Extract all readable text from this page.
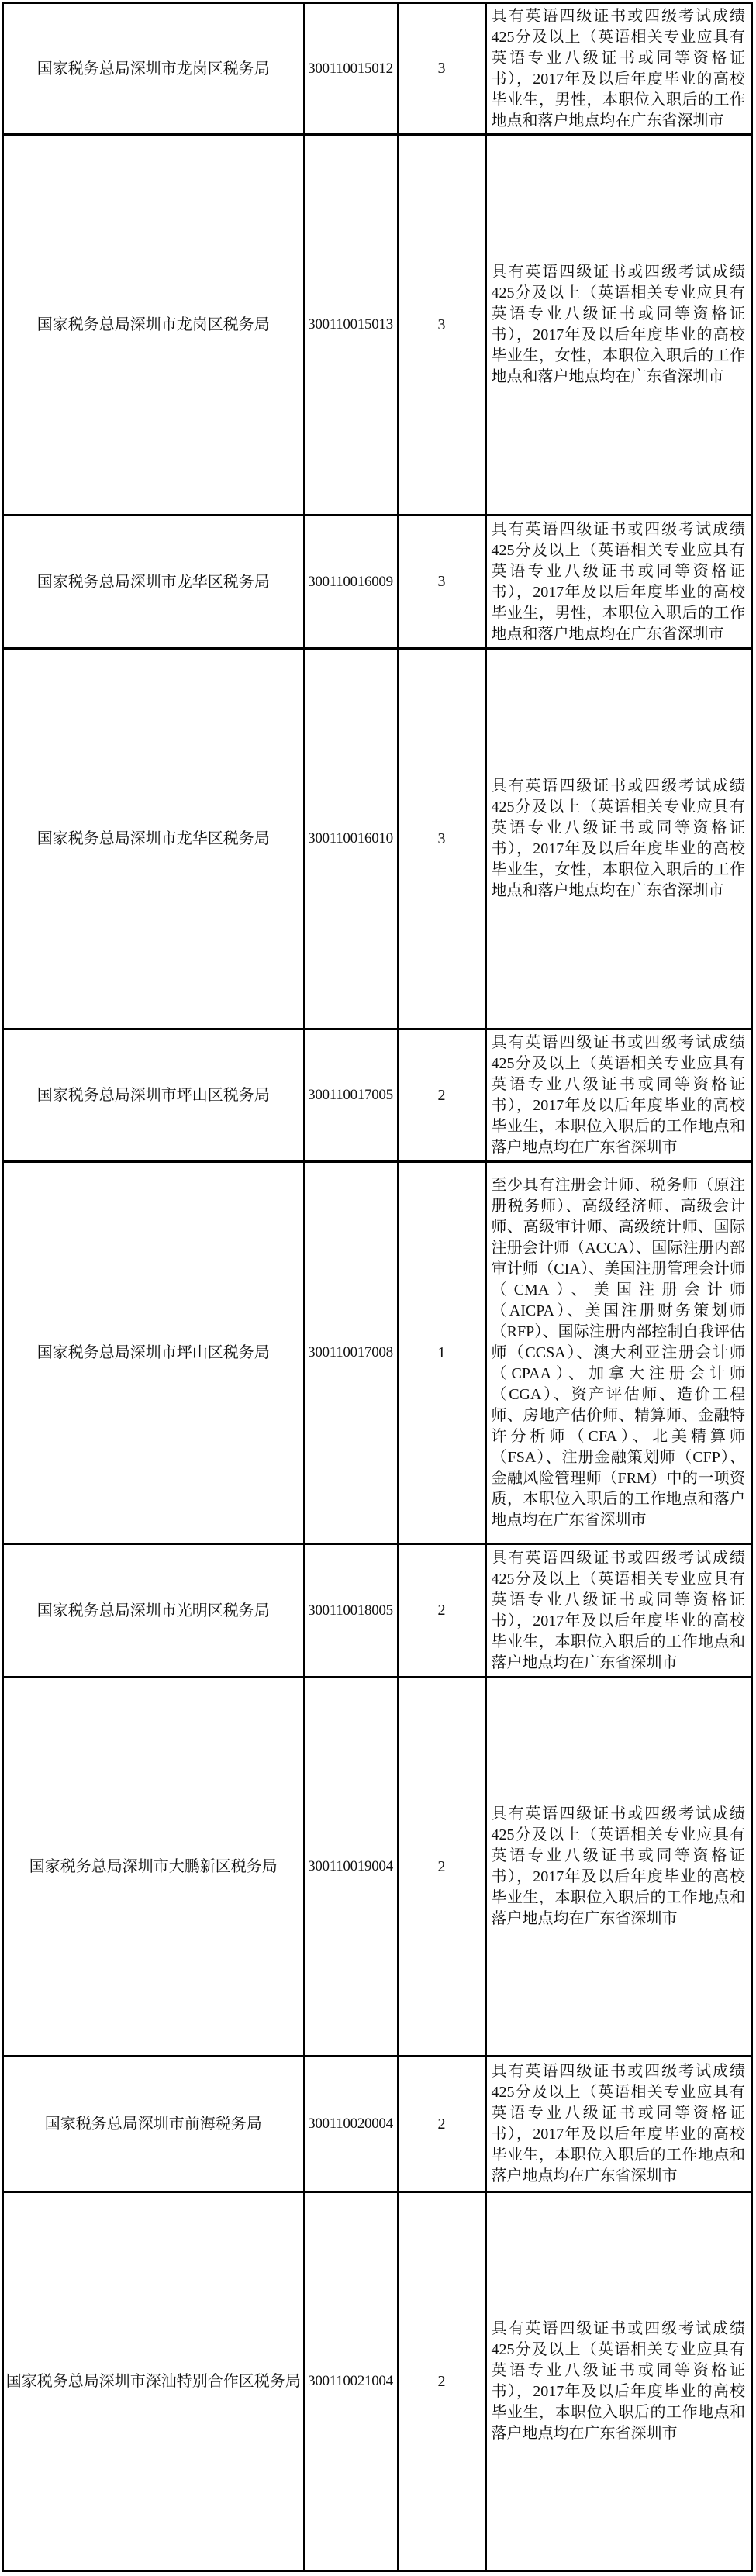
国家税务总局深圳市龙岗区税务局	300110015012	3	具有英语四级证书或四级考试成绩425分及以上（英语相关专业应具有英语专业八级证书或同等资格证书），2017年及以后年度毕业的高校毕业生，男性，本职位入职后的工作地点和落户地点均在广东省深圳市
国家税务总局深圳市龙岗区税务局	300110015013	3	具有英语四级证书或四级考试成绩425分及以上（英语相关专业应具有英语专业八级证书或同等资格证书），2017年及以后年度毕业的高校毕业生，女性，本职位入职后的工作地点和落户地点均在广东省深圳市
国家税务总局深圳市龙华区税务局	300110016009	3	具有英语四级证书或四级考试成绩425分及以上（英语相关专业应具有英语专业八级证书或同等资格证书），2017年及以后年度毕业的高校毕业生，男性，本职位入职后的工作地点和落户地点均在广东省深圳市
国家税务总局深圳市龙华区税务局	300110016010	3	具有英语四级证书或四级考试成绩425分及以上（英语相关专业应具有英语专业八级证书或同等资格证书），2017年及以后年度毕业的高校毕业生，女性，本职位入职后的工作地点和落户地点均在广东省深圳市
国家税务总局深圳市坪山区税务局	300110017005	2	具有英语四级证书或四级考试成绩425分及以上（英语相关专业应具有英语专业八级证书或同等资格证书），2017年及以后年度毕业的高校毕业生，本职位入职后的工作地点和落户地点均在广东省深圳市
国家税务总局深圳市坪山区税务局	300110017008	1	至少具有注册会计师、税务师（原注册税务师）、高级经济师、高级会计师、高级审计师、高级统计师、国际注册会计师（ACCA）、国际注册内部审计师（CIA）、美国注册管理会计师（CMA）、美国注册会计师（AICPA）、美国注册财务策划师（RFP）、国际注册内部控制自我评估师（CCSA）、澳大利亚注册会计师（CPAA）、加拿大注册会计师（CGA）、资产评估师、造价工程师、房地产估价师、精算师、金融特许分析师（CFA）、北美精算师（FSA）、注册金融策划师（CFP）、金融风险管理师（FRM）中的一项资质，本职位入职后的工作地点和落户地点均在广东省深圳市
国家税务总局深圳市光明区税务局	300110018005	2	具有英语四级证书或四级考试成绩425分及以上（英语相关专业应具有英语专业八级证书或同等资格证书），2017年及以后年度毕业的高校毕业生，本职位入职后的工作地点和落户地点均在广东省深圳市
国家税务总局深圳市大鹏新区税务局	300110019004	2	具有英语四级证书或四级考试成绩425分及以上（英语相关专业应具有英语专业八级证书或同等资格证书），2017年及以后年度毕业的高校毕业生，本职位入职后的工作地点和落户地点均在广东省深圳市
国家税务总局深圳市前海税务局	300110020004	2	具有英语四级证书或四级考试成绩425分及以上（英语相关专业应具有英语专业八级证书或同等资格证书），2017年及以后年度毕业的高校毕业生，本职位入职后的工作地点和落户地点均在广东省深圳市
国家税务总局深圳市深汕特别合作区税务局	300110021004	2	具有英语四级证书或四级考试成绩425分及以上（英语相关专业应具有英语专业八级证书或同等资格证书），2017年及以后年度毕业的高校毕业生，本职位入职后的工作地点和落户地点均在广东省深圳市
